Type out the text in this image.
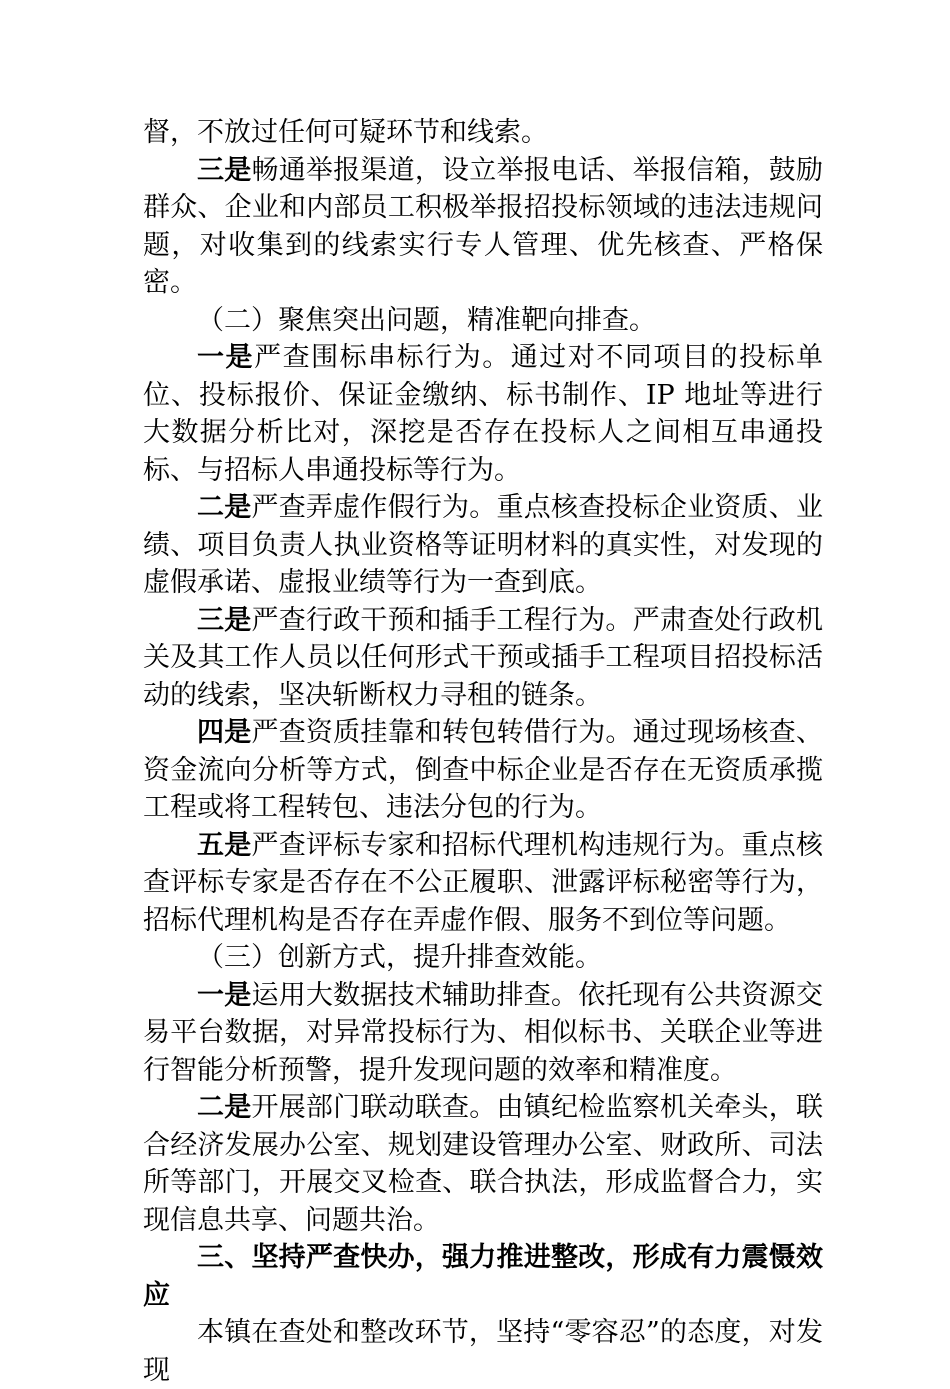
督，不放过任何可疑环节和线索。

三是畅通举报渠道，设立举报电话、举报信箱，鼓励群众、企业和内部员工积极举报招投标领域的违法违规问题，对收集到的线索实行专人管理、优先核查、严格保密。

（二）聚焦突出问题，精准靶向排查。

一是严查围标串标行为。通过对不同项目的投标单位、投标报价、保证金缴纳、标书制作、IP 地址等进行大数据分析比对，深挖是否存在投标人之间相互串通投标、与招标人串通投标等行为。

二是严查弄虚作假行为。重点核查投标企业资质、业绩、项目负责人执业资格等证明材料的真实性，对发现的虚假承诺、虚报业绩等行为一查到底。

三是严查行政干预和插手工程行为。严肃查处行政机关及其工作人员以任何形式干预或插手工程项目招投标活动的线索，坚决斩断权力寻租的链条。

四是严查资质挂靠和转包转借行为。通过现场核查、资金流向分析等方式，倒查中标企业是否存在无资质承揽工程或将工程转包、违法分包的行为。

五是严查评标专家和招标代理机构违规行为。重点核查评标专家是否存在不公正履职、泄露评标秘密等行为，招标代理机构是否存在弄虚作假、服务不到位等问题。

（三）创新方式，提升排查效能。

一是运用大数据技术辅助排查。依托现有公共资源交易平台数据，对异常投标行为、相似标书、关联企业等进行智能分析预警，提升发现问题的效率和精准度。

二是开展部门联动联查。由镇纪检监察机关牵头，联合经济发展办公室、规划建设管理办公室、财政所、司法所等部门，开展交叉检查、联合执法，形成监督合力，实现信息共享、问题共治。

三、坚持严查快办，强力推进整改，形成有力震慑效应

本镇在查处和整改环节，坚持“零容忍”的态度，对发现
